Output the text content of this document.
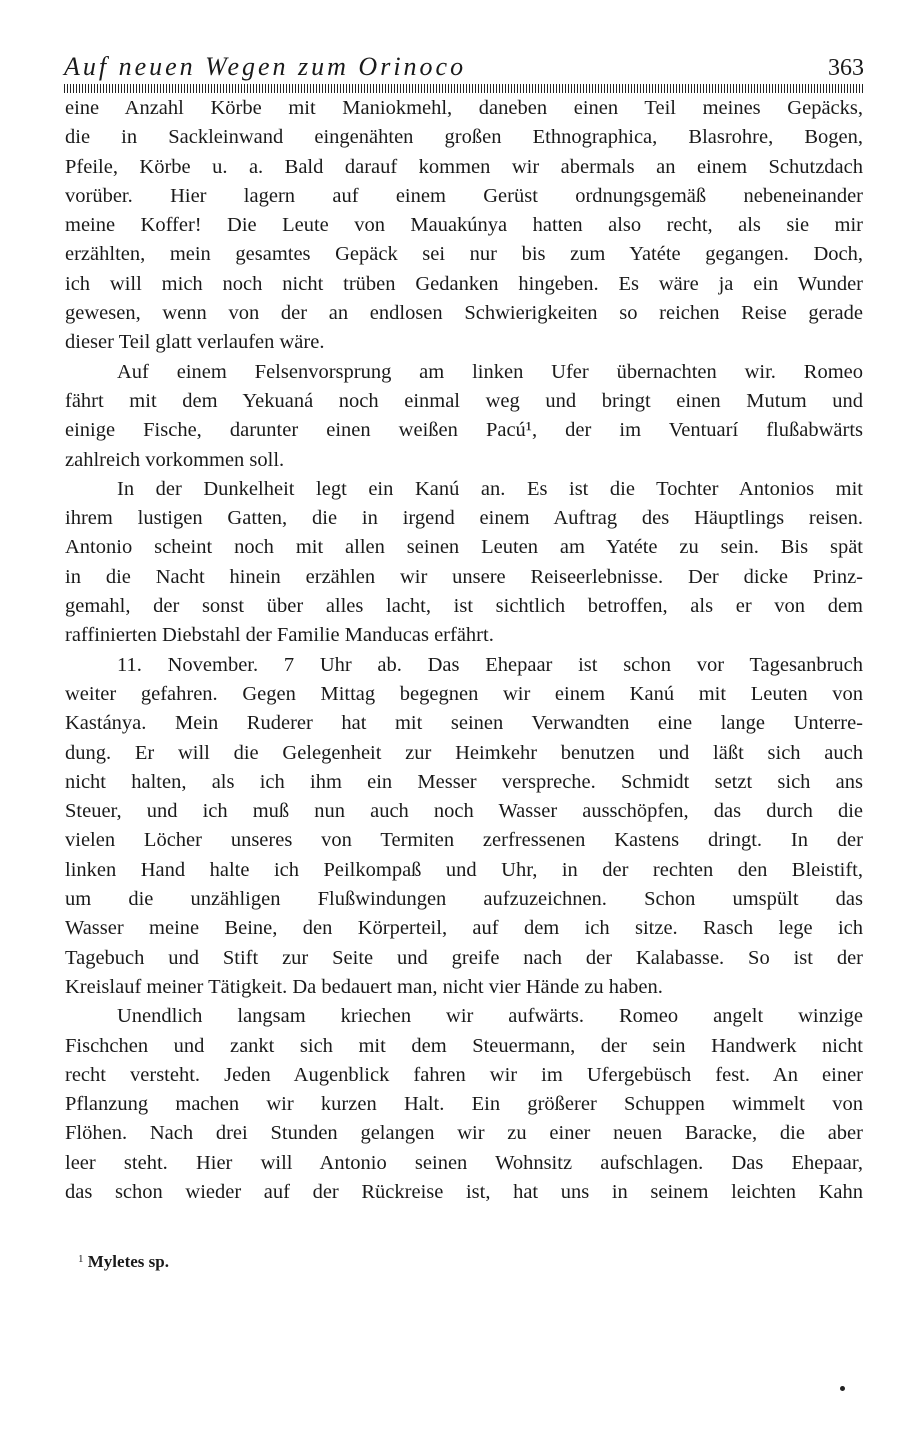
Auf neuen Wegen zum Orinoco	363
eine Anzahl Körbe mit Maniokmehl, daneben einen Teil meines Gepäcks,
die in Sackleinwand eingenähten großen Ethnographica, Blasrohre, Bogen,
Pfeile, Körbe u. a. Bald darauf kommen wir abermals an einem Schutzdach
vorüber. Hier lagern auf einem Gerüst ordnungsgemäß nebeneinander
meine Koffer! Die Leute von Mauakúnya hatten also recht, als sie mir
erzählten, mein gesamtes Gepäck sei nur bis zum Yatéte gegangen. Doch,
ich will mich noch nicht trüben Gedanken hingeben. Es wäre ja ein Wunder
gewesen, wenn von der an endlosen Schwierigkeiten so reichen Reise gerade
dieser Teil glatt verlaufen wäre.
Auf einem Felsenvorsprung am linken Ufer übernachten wir. Romeo
fährt mit dem Yekuaná noch einmal weg und bringt einen Mutum und
einige Fische, darunter einen weißen Pacú¹, der im Ventuarí flußabwärts
zahlreich vorkommen soll.
In der Dunkelheit legt ein Kanú an. Es ist die Tochter Antonios mit
ihrem lustigen Gatten, die in irgend einem Auftrag des Häuptlings reisen.
Antonio scheint noch mit allen seinen Leuten am Yatéte zu sein. Bis spät
in die Nacht hinein erzählen wir unsere Reiseerlebnisse. Der dicke Prinz-
gemahl, der sonst über alles lacht, ist sichtlich betroffen, als er von dem
raffinierten Diebstahl der Familie Manducas erfährt.
11. November. 7 Uhr ab. Das Ehepaar ist schon vor Tagesanbruch
weiter gefahren. Gegen Mittag begegnen wir einem Kanú mit Leuten von
Kastánya. Mein Ruderer hat mit seinen Verwandten eine lange Unterre-
dung. Er will die Gelegenheit zur Heimkehr benutzen und läßt sich auch
nicht halten, als ich ihm ein Messer verspreche. Schmidt setzt sich ans
Steuer, und ich muß nun auch noch Wasser ausschöpfen, das durch die
vielen Löcher unseres von Termiten zerfressenen Kastens dringt. In der
linken Hand halte ich Peilkompaß und Uhr, in der rechten den Bleistift,
um die unzähligen Flußwindungen aufzuzeichnen. Schon umspült das
Wasser meine Beine, den Körperteil, auf dem ich sitze. Rasch lege ich
Tagebuch und Stift zur Seite und greife nach der Kalabasse. So ist der
Kreislauf meiner Tätigkeit. Da bedauert man, nicht vier Hände zu haben.
Unendlich langsam kriechen wir aufwärts. Romeo angelt winzige
Fischchen und zankt sich mit dem Steuermann, der sein Handwerk nicht
recht versteht. Jeden Augenblick fahren wir im Ufergebüsch fest. An einer
Pflanzung machen wir kurzen Halt. Ein größerer Schuppen wimmelt von
Flöhen. Nach drei Stunden gelangen wir zu einer neuen Baracke, die aber
leer steht. Hier will Antonio seinen Wohnsitz aufschlagen. Das Ehepaar,
das schon wieder auf der Rückreise ist, hat uns in seinem leichten Kahn
$^1$ Myletes sp.
